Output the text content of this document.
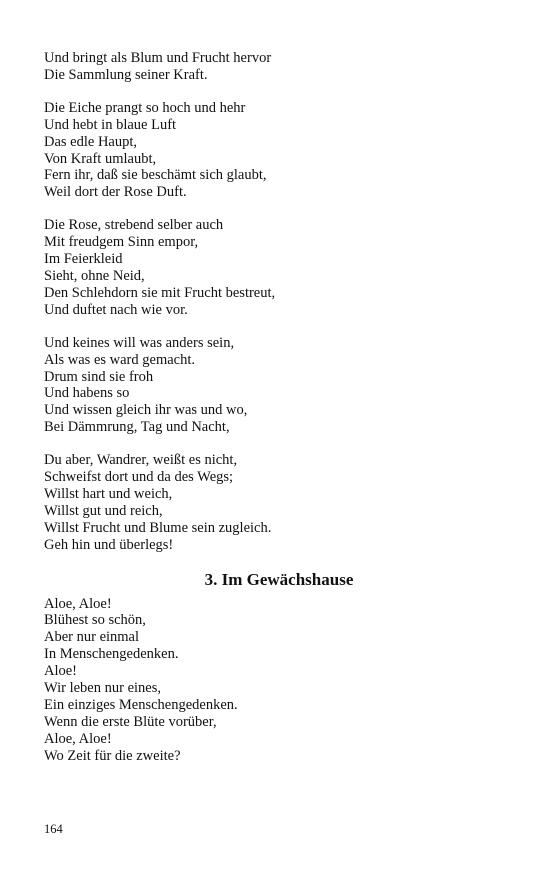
Und bringt als Blum und Frucht hervor
Die Sammlung seiner Kraft.
Die Eiche prangt so hoch und hehr
Und hebt in blaue Luft
Das edle Haupt,
Von Kraft umlaubt,
Fern ihr, daß sie beschämt sich glaubt,
Weil dort der Rose Duft.
Die Rose, strebend selber auch
Mit freudgem Sinn empor,
Im Feierkleid
Sieht, ohne Neid,
Den Schlehdorn sie mit Frucht bestreut,
Und duftet nach wie vor.
Und keines will was anders sein,
Als was es ward gemacht.
Drum sind sie froh
Und habens so
Und wissen gleich ihr was und wo,
Bei Dämmrung, Tag und Nacht,
Du aber, Wandrer, weißt es nicht,
Schweifst dort und da des Wegs;
Willst hart und weich,
Willst gut und reich,
Willst Frucht und Blume sein zugleich.
Geh hin und überlegs!
3. Im Gewächshause
Aloe, Aloe!
Blühest so schön,
Aber nur einmal
In Menschengedenken.
Aloe!
Wir leben nur eines,
Ein einziges Menschengedenken.
Wenn die erste Blüte vorüber,
Aloe, Aloe!
Wo Zeit für die zweite?
164
